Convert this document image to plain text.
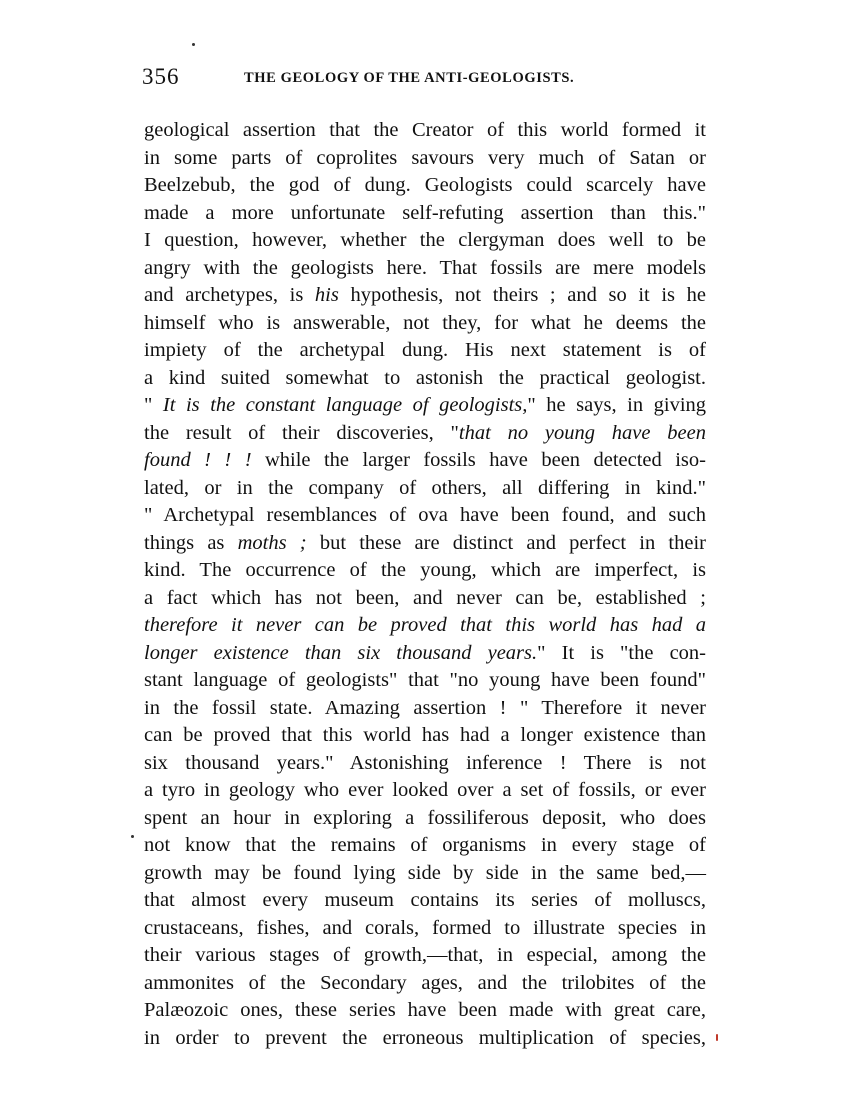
356	THE GEOLOGY OF THE ANTI-GEOLOGISTS.
geological assertion that the Creator of this world formed it
in some parts of coprolites savours very much of Satan or
Beelzebub, the god of dung. Geologists could scarcely have
made a more unfortunate self-refuting assertion than this."
I question, however, whether the clergyman does well to be
angry with the geologists here. That fossils are mere models
and archetypes, is his hypothesis, not theirs ; and so it is he
himself who is answerable, not they, for what he deems the
impiety of the archetypal dung. His next statement is of
a kind suited somewhat to astonish the practical geologist.
" It is the constant language of geologists," he says, in giving
the result of their discoveries, "that no young have been
found ! ! ! while the larger fossils have been detected iso-
lated, or in the company of others, all differing in kind."
" Archetypal resemblances of ova have been found, and such
things as moths ; but these are distinct and perfect in their
kind. The occurrence of the young, which are imperfect, is
a fact which has not been, and never can be, established ;
therefore it never can be proved that this world has had a
longer existence than six thousand years." It is "the con-
stant language of geologists" that "no young have been found"
in the fossil state. Amazing assertion ! " Therefore it never
can be proved that this world has had a longer existence than
six thousand years." Astonishing inference ! There is not
a tyro in geology who ever looked over a set of fossils, or ever
spent an hour in exploring a fossiliferous deposit, who does
not know that the remains of organisms in every stage of
growth may be found lying side by side in the same bed,—
that almost every museum contains its series of molluscs,
crustaceans, fishes, and corals, formed to illustrate species in
their various stages of growth,—that, in especial, among the
ammonites of the Secondary ages, and the trilobites of the
Palæozoic ones, these series have been made with great care,
in order to prevent the erroneous multiplication of species,
